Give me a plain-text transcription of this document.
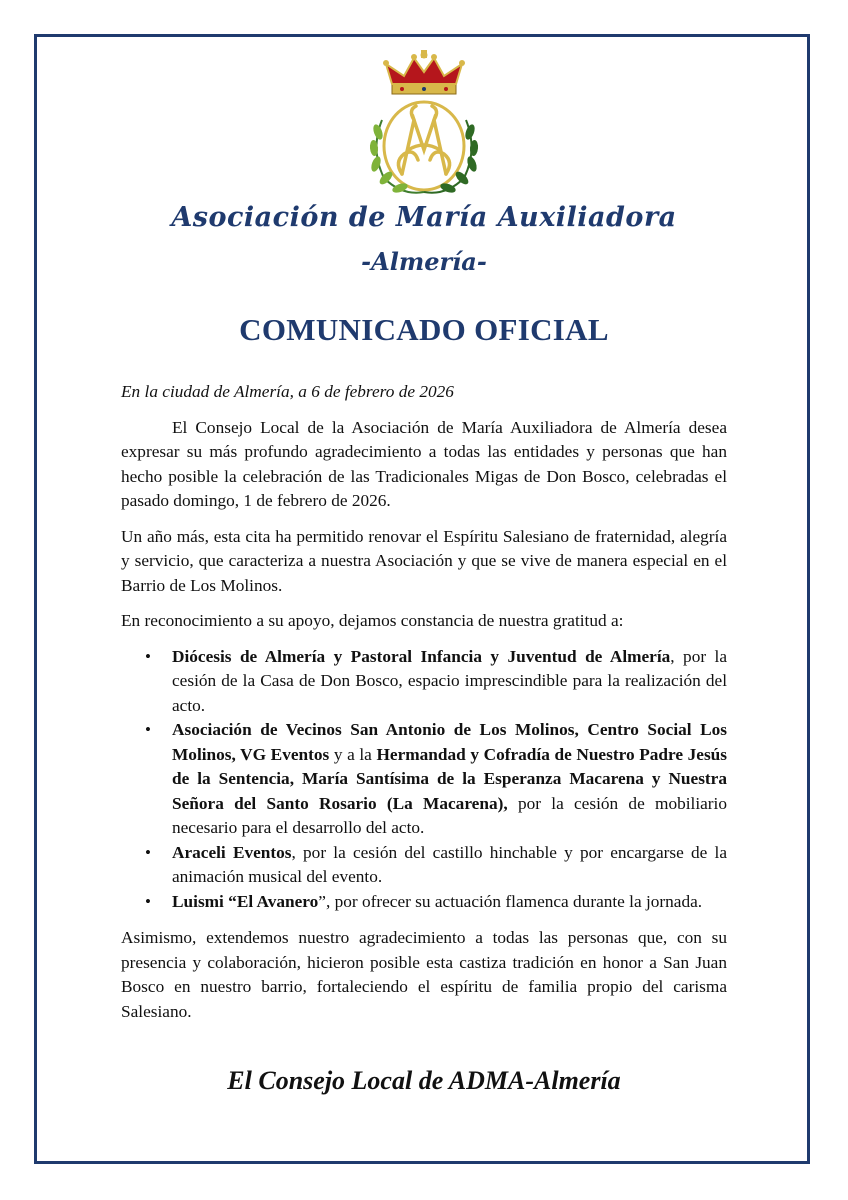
Asociación de María Auxiliadora
-Almería-
COMUNICADO OFICIAL

En la ciudad de Almería, a 6 de febrero de 2026

El Consejo Local de la Asociación de María Auxiliadora de Almería desea expresar su más profundo agradecimiento a todas las entidades y personas que han hecho posible la celebración de las Tradicionales Migas de Don Bosco, celebradas el pasado domingo, 1 de febrero de 2026.

Un año más, esta cita ha permitido renovar el Espíritu Salesiano de fraternidad, alegría y servicio, que caracteriza a nuestra Asociación y que se vive de manera especial en el Barrio de Los Molinos.

En reconocimiento a su apoyo, dejamos constancia de nuestra gratitud a:

• Diócesis de Almería y Pastoral Infancia y Juventud de Almería, por la cesión de la Casa de Don Bosco, espacio imprescindible para la realización del acto.
• Asociación de Vecinos San Antonio de Los Molinos, Centro Social Los Molinos, VG Eventos y a la Hermandad y Cofradía de Nuestro Padre Jesús de la Sentencia, María Santísima de la Esperanza Macarena y Nuestra Señora del Santo Rosario (La Macarena), por la cesión de mobiliario necesario para el desarrollo del acto.
• Araceli Eventos, por la cesión del castillo hinchable y por encargarse de la animación musical del evento.
• Luismi “El Avanero”, por ofrecer su actuación flamenca durante la jornada.

Asimismo, extendemos nuestro agradecimiento a todas las personas que, con su presencia y colaboración, hicieron posible esta castiza tradición en honor a San Juan Bosco en nuestro barrio, fortaleciendo el espíritu de familia propio del carisma Salesiano.

El Consejo Local de ADMA-Almería
